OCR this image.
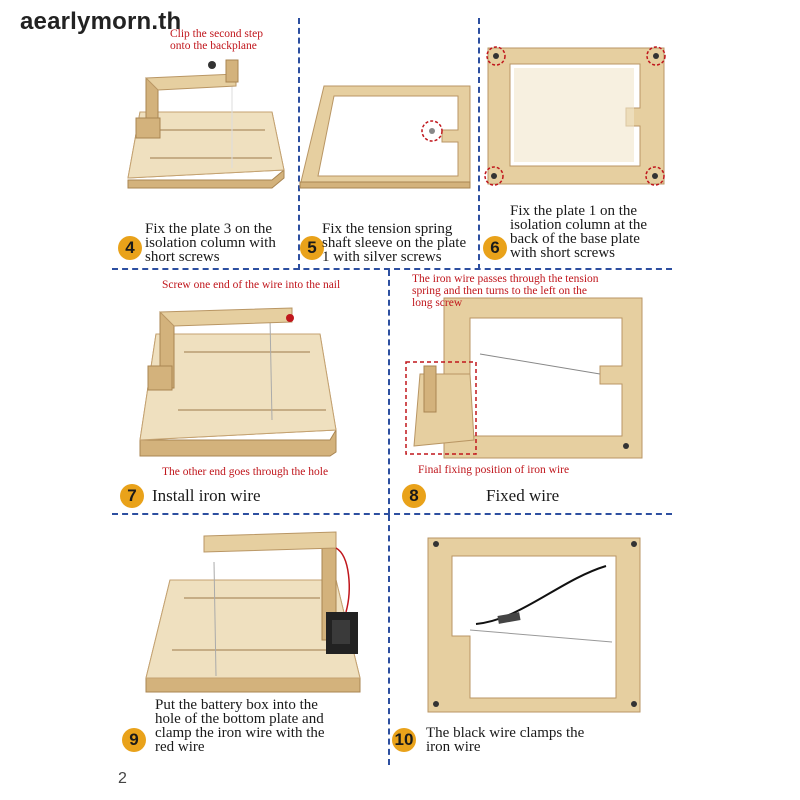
aearlymorn.th
Clip the second step
onto the backplane
Screw one end of the wire into the nail
The other end goes through the hole
The iron wire passes through the tension
spring and then turns to the left on the
long screw
Final fixing position of iron wire
4
Fix the plate 3 on the
isolation column with
short screws	5
Fix the tension spring
shaft sleeve on the plate
1 with silver screws	6
Fix the plate 1 on the
isolation column at the
back of the base plate
with short screws
7 Install iron wire	8	Fixed wire
9
Put the battery box into the
hole of the bottom plate and
clamp the iron wire with the
red wire	10 The black wire clamps the
iron wire
2
